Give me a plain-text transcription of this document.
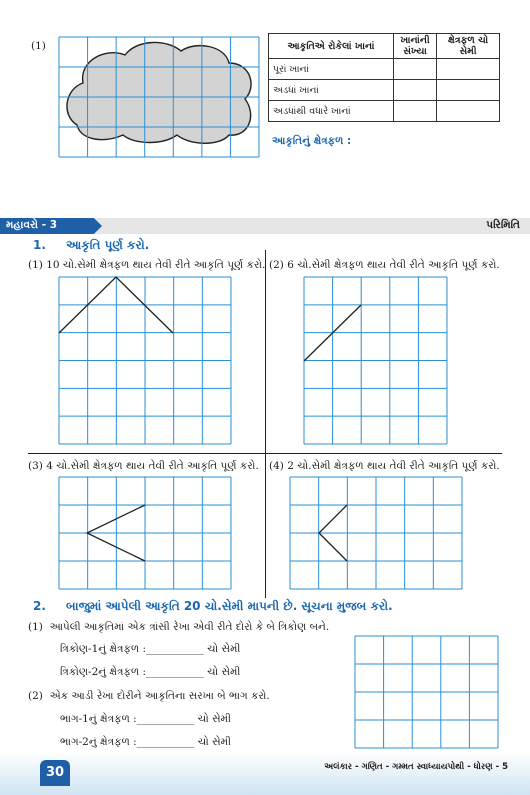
(1)	આકૃતિએ રોકેલાં ખાનાં	ખાનાંની સંખ્યા	ક્ષેત્રફળ ચો સેમી
પૂરાં ખાનાં		
અડધાં ખાનાં		
અડધાંથી વધારે ખાનાં		
આકૃતિનું ક્ષેત્રફળ :
મહાવરો - 3	પરિમિતિ
1. આકૃતિ પૂર્ણ કરો.
(1) 10 ચો.સેમી ક્ષેત્રફળ થાય તેવી રીતે આકૃતિ પૂર્ણ કરો. (2) 6 ચો.સેમી ક્ષેત્રફળ થાય તેવી રીતે આકૃતિ પૂર્ણ કરો.
(3) 4 ચો.સેમી ક્ષેત્રફળ થાય તેવી રીતે આકૃતિ પૂર્ણ કરો. (4) 2 ચો.સેમી ક્ષેત્રફળ થાય તેવી રીતે આકૃતિ પૂર્ણ કરો.
2. બાજુમાં આપેલી આકૃતિ 20 ચો.સેમી માપની છે. સૂચના મુજબ કરો.
(1) આપેલી આકૃતિમાં એક ત્રાંસી રેખા એવી રીતે દોરો કે બે ત્રિકોણ બને.
ત્રિકોણ-1નું ક્ષેત્રફળ :___________ ચો સેમી
ત્રિકોણ-2નું ક્ષેત્રફળ :___________ ચો સેમી
(2) એક આડી રેખા દોરીને આકૃતિના સરખા બે ભાગ કરો.
ભાગ-1નું ક્ષેત્રફળ :___________ ચો સેમી
ભાગ-2નું ક્ષેત્રફળ :___________ ચો સેમી
30	અલંકાર - ગણિત - ગમ્મત સ્વાધ્યાયપોથી - ધોરણ - 5
